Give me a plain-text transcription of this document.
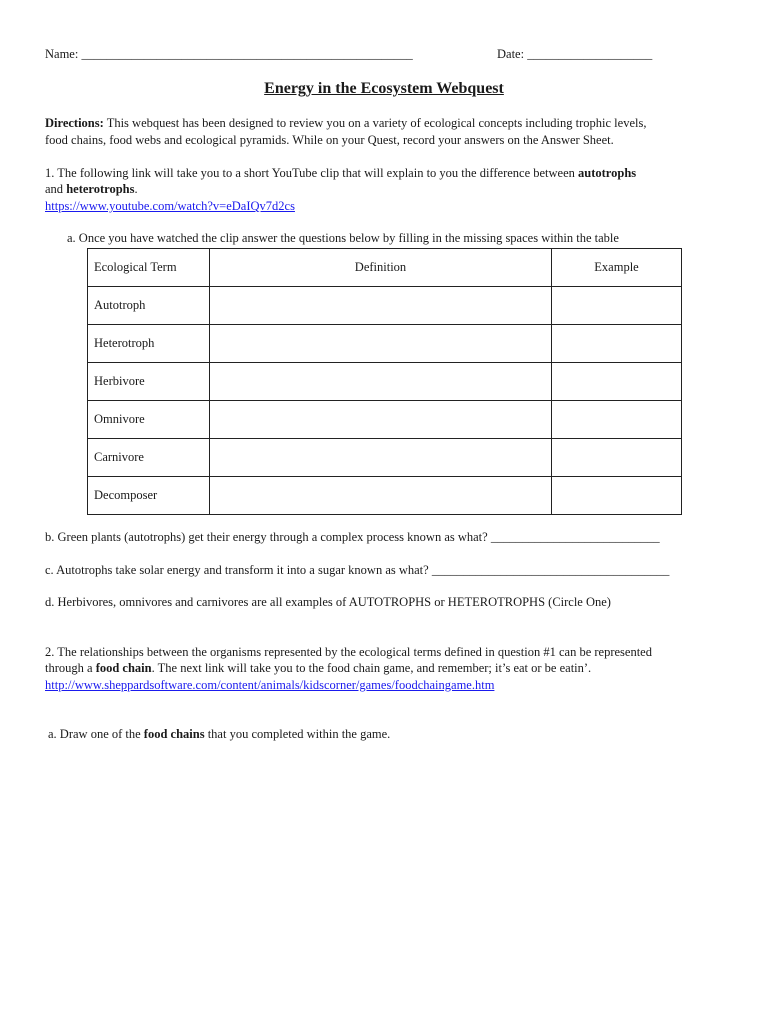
Name: _____________________________________________________	Date: ____________________
Energy in the Ecosystem Webquest
Directions: This webquest has been designed to review you on a variety of ecological concepts including trophic levels,
food chains, food webs and ecological pyramids. While on your Quest, record your answers on the Answer Sheet.
1. The following link will take you to a short YouTube clip that will explain to you the difference between autotrophs
and heterotrophs.
https://www.youtube.com/watch?v=eDaIQv7d2cs
a. Once you have watched the clip answer the questions below by filling in the missing spaces within the table
Ecological Term	Definition	Example
Autotroph		
Heterotroph		
Herbivore		
Omnivore		
Carnivore		
Decomposer		
b. Green plants (autotrophs) get their energy through a complex process known as what? ___________________________
c. Autotrophs take solar energy and transform it into a sugar known as what? ______________________________________
d. Herbivores, omnivores and carnivores are all examples of AUTOTROPHS or HETEROTROPHS (Circle One)
2. The relationships between the organisms represented by the ecological terms defined in question #1 can be represented
through a food chain. The next link will take you to the food chain game, and remember; it’s eat or be eatin’.
http://www.sheppardsoftware.com/content/animals/kidscorner/games/foodchaingame.htm
a. Draw one of the food chains that you completed within the game.
